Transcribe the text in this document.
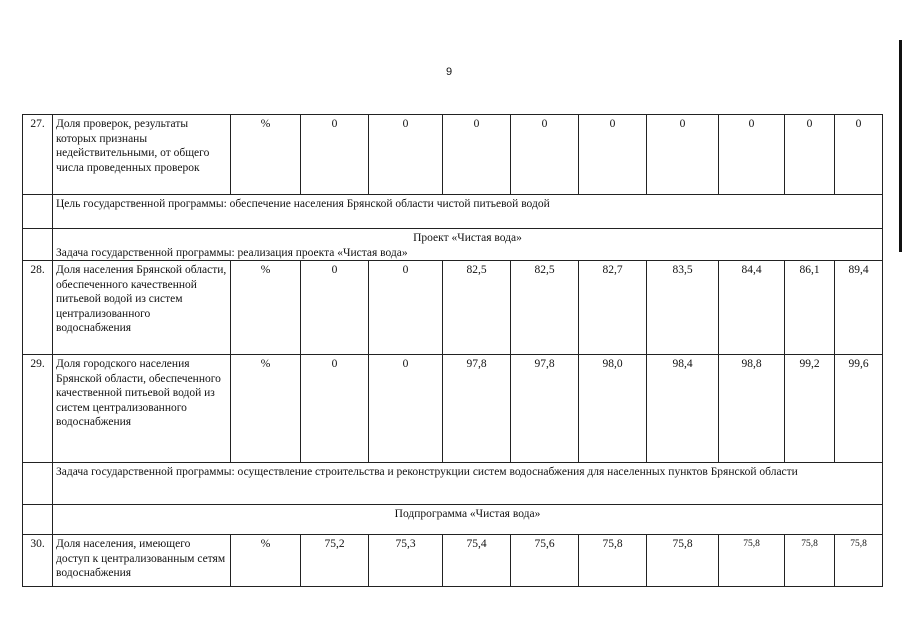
9
27.	Доля проверок, результаты которых признаны недействительными, от общего числа проведенных проверок	%	0	0	0	0	0	0	0	0	0
	Цель государственной программы: обеспечение населения Брянской области чистой питьевой водой										
	Проект «Чистая вода»
Задача государственной программы: реализация проекта «Чистая вода»										

28.	Доля населения Брянской области, обеспеченного качественной питьевой водой из систем централизованного водоснабжения	%	0	0	82,5	82,5	82,7	83,5	84,4	86,1	89,4
29.	Доля городского населения Брянской области, обеспеченного качественной питьевой водой из систем централизованного водоснабжения	%	0	0	97,8	97,8	98,0	98,4	98,8	99,2	99,6
	Задача государственной программы: осуществление строительства и реконструкции систем водоснабжения для населенных пунктов Брянской области										
	Подпрограмма «Чистая вода»										
30.	Доля населения, имеющего доступ к централизованным сетям водоснабжения	%	75,2	75,3	75,4	75,6	75,8	75,8	75,8	75,8	75,8
